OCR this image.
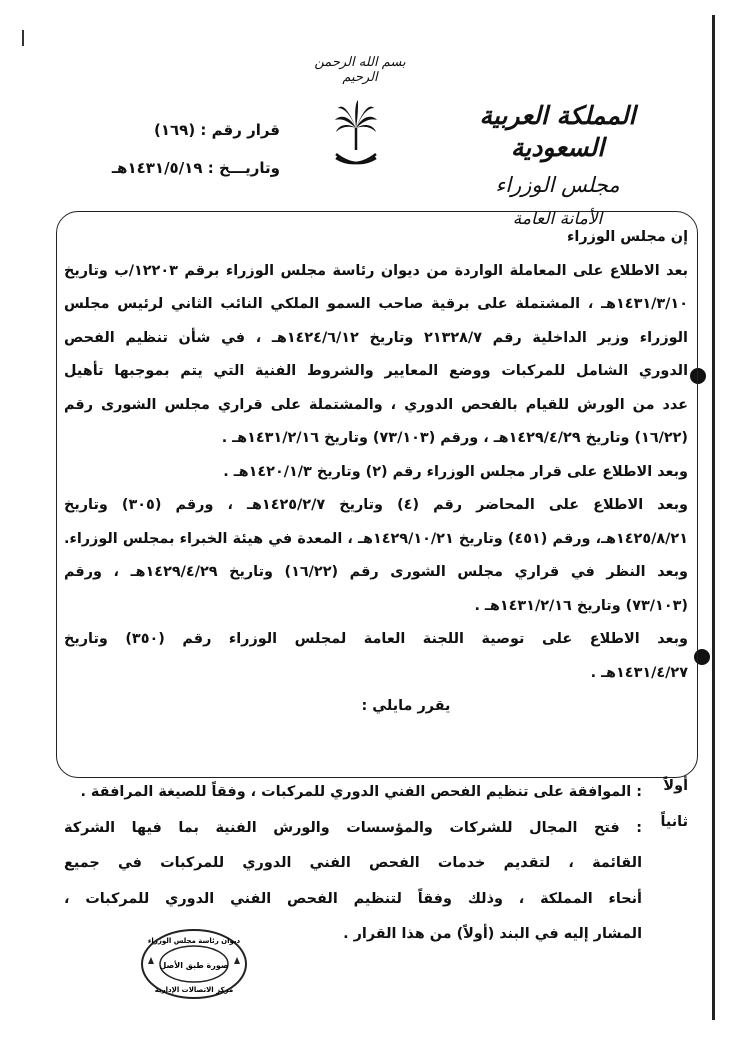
بسم الله الرحمن الرحيم
المملكة العربية السعودية
مجلس الوزراء
الأمانة العامة
قرار رقم : (١٦٩)
وتاريـــخ : ١٤٣١/٥/١٩هـ
إن مجلس الوزراء
بعد الاطلاع على المعاملة الواردة من ديوان رئاسة مجلس الوزراء برقم ١٢٢٠٣/ب وتاريخ
١٤٣١/٣/١٠هـ ، المشتملة على برقية صاحب السمو الملكي النائب الثاني لرئيس مجلس
الوزراء وزير الداخلية رقم ٢١٣٢٨/٧ وتاريخ ١٤٢٤/٦/١٢هـ ، في شأن تنظيم الفحص
الدوري الشامل للمركبات ووضع المعايير والشروط الفنية التي يتم بموجبها تأهيل
عدد من الورش للقيام بالفحص الدوري ، والمشتملة على قراري مجلس الشورى رقم
(١٦/٢٢) وتاريخ ١٤٢٩/٤/٢٩هـ ، ورقم (٧٣/١٠٣) وتاريخ ١٤٣١/٢/١٦هـ .
وبعد الاطلاع على قرار مجلس الوزراء رقم (٢) وتاريخ ١٤٢٠/١/٣هـ .
وبعد الاطلاع على المحاضر رقم (٤) وتاريخ ١٤٢٥/٢/٧هـ ، ورقم (٣٠٥) وتاريخ
١٤٢٥/٨/٢١هـ، ورقم (٤٥١) وتاريخ ١٤٢٩/١٠/٢١هـ ، المعدة في هيئة الخبراء بمجلس الوزراء.
وبعد النظر في قراري مجلس الشورى رقم (١٦/٢٢) وتاريخ ١٤٢٩/٤/٢٩هـ ، ورقم
(٧٣/١٠٣) وتاريخ ١٤٣١/٢/١٦هـ .
وبعد الاطلاع على توصية اللجنة العامة لمجلس الوزراء رقم (٣٥٠) وتاريخ
١٤٣١/٤/٢٧هـ .
يقرر مايلي :
أولاً
: الموافقة على تنظيم الفحص الفني الدوري للمركبات ، وفقاً للصيغة المرافقة .
ثانياً
: فتح المجال للشركات والمؤسسات والورش الفنية بما فيها الشركة
القائمة ، لتقديم خدمات الفحص الفني الدوري للمركبات في جميع
أنحاء المملكة ، وذلك وفقاً لتنظيم الفحص الفني الدوري للمركبات ،
المشار إليه في البند (أولاً) من هذا القرار .
ديوان رئاسة مجلس الوزراء
صورة طبق الأصل
مركز الاتصالات الإدارية
